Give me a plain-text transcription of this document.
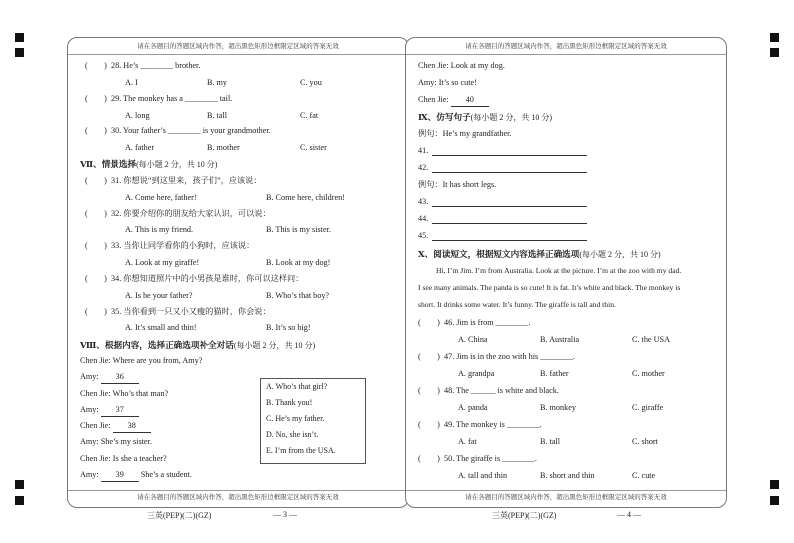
请在各题目的答题区域内作答，超出黑色矩形边框限定区域的答案无效
请在各题目的答题区域内作答，超出黑色矩形边框限定区域的答案无效
(　　) 28. He’s ________ brother.
A. I	B. my	C. you
(　　) 29. The monkey has a ________ tail.
A. long	B. tall	C. fat
(　　) 30. Your father’s ________ is your grandmother.
A. father	B. mother	C. sister
Ⅶ、情景选择(每小题 2 分，共 10 分)
(　　) 31. 你想说“到这里来，孩子们”，应该说：
A. Come here, father!	B. Come here, children!
(　　) 32. 你要介绍你的朋友给大家认识，可以说：
A. This is my friend.	B. This is my sister.
(　　) 33. 当你让同学看你的小狗时，应该说：
A. Look at my giraffe!	B. Look at my dog!
(　　) 34. 你想知道照片中的小男孩是谁时，你可以这样问：
A. Is he your father?	B. Who’s that boy?
(　　) 35. 当你看到一只又小又瘦的猫时，你会说：
A. It’s small and thin!	B. It’s so big!
Ⅷ、根据内容，选择正确选项补全对话(每小题 2 分，共 10 分)
Chen Jie: Where are you from, Amy?
Amy: 36
Chen Jie: Who’s that man?
Amy: 37
Chen Jie: 38
Amy: She’s my sister.
Chen Jie: Is she a teacher?
Amy: 39 She’s a student.
A. Who’s that girl?
B. Thank you!
C. He’s my father.
D. No, she isn’t.
E. I’m from the USA.
三英(PEP)(二)(GZ)	— 3 —
请在各题目的答题区域内作答，超出黑色矩形边框限定区域的答案无效
请在各题目的答题区域内作答，超出黑色矩形边框限定区域的答案无效
Chen Jie: Look at my dog.
Amy: It’s so cute!
Chen Jie: 40
Ⅸ、仿写句子(每小题 2 分，共 10 分)
例句：He’s my grandfather.
41.
42.
例句：It has short legs.
43.
44.
45.
Ⅹ、阅读短文，根据短文内容选择正确选项(每小题 2 分，共 10 分)
Hi, I’m Jim. I’m from Australia. Look at the picture. I’m at the zoo with my dad.
I see many animals. The panda is so cute! It is fat. It’s white and black. The monkey is
short. It drinks some water. It’s funny. The giraffe is tall and thin.
(　　) 46. Jim is from ________.
A. China	B. Australia	C. the USA
(　　) 47. Jim is in the zoo with his ________.
A. grandpa	B. father	C. mother
(　　) 48. The ______ is white and black.
A. panda	B. monkey	C. giraffe
(　　) 49. The monkey is ________.
A. fat	B. tall	C. short
(　　) 50. The giraffe is ________.
A. tall and thin	B. short and thin	C. cute
三英(PEP)(二)(GZ)	— 4 —
